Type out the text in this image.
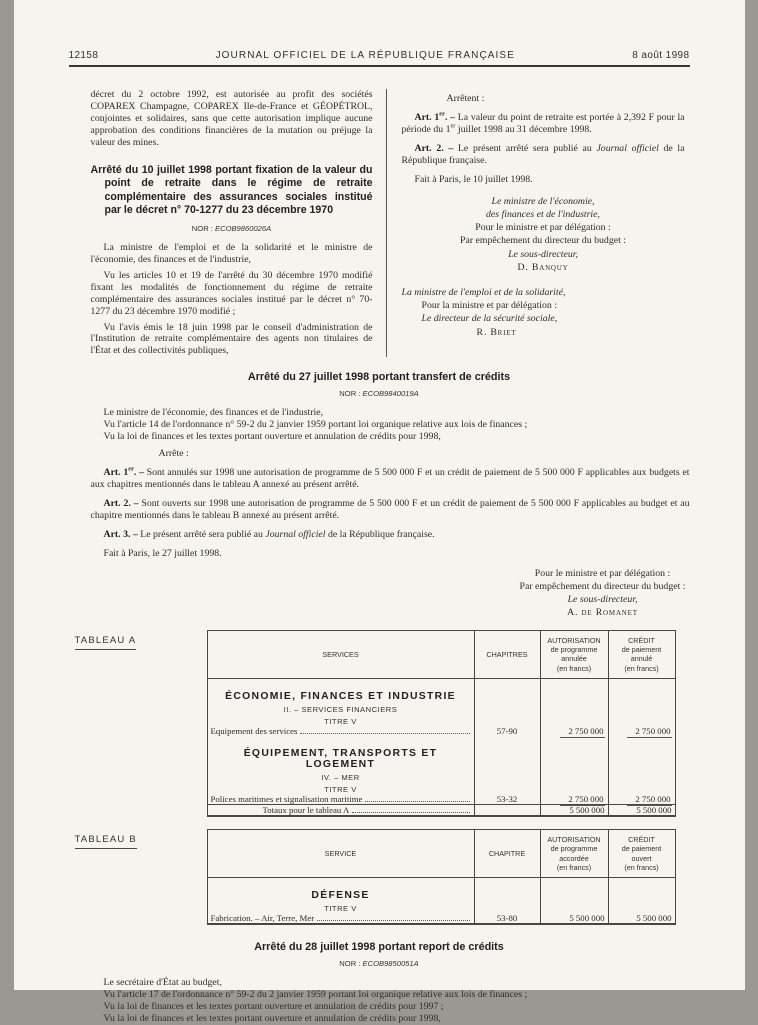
12158	JOURNAL OFFICIEL DE LA RÉPUBLIQUE FRANÇAISE	8 août 1998

décret du 2 octobre 1992, est autorisée au profit des sociétés COPAREX Champagne, COPAREX Ile-de-France et GÉOPÉTROL, conjointes et solidaires, sans que cette autorisation implique aucune approbation des conditions financières de la mutation ou préjuge la valeur des mines.

Arrêté du 10 juillet 1998 portant fixation de la valeur du point de retraite dans le régime de retraite complémentaire des assurances sociales institué par le décret n° 70-1277 du 23 décembre 1970

NOR : ECOB9860026A

La ministre de l'emploi et de la solidarité et le ministre de l'économie, des finances et de l'industrie,

Vu les articles 10 et 19 de l'arrêté du 30 décembre 1970 modifié fixant les modalités de fonctionnement du régime de retraite complémentaire des assurances sociales institué par le décret n° 70-1277 du 23 décembre 1970 modifié ;

Vu l'avis émis le 18 juin 1998 par le conseil d'administration de l'Institution de retraite complémentaire des agents non titulaires de l'État et des collectivités publiques,

Arrêtent :

Art. 1er. – La valeur du point de retraite est portée à 2,392 F pour la période du 1er juillet 1998 au 31 décembre 1998.

Art. 2. – Le présent arrêté sera publié au Journal officiel de la République française.

Fait à Paris, le 10 juillet 1998.

Le ministre de l'économie,

des finances et de l'industrie,

Pour le ministre et par délégation :

Par empêchement du directeur du budget :

Le sous-directeur,

D. Banquy

La ministre de l'emploi et de la solidarité,

Pour la ministre et par délégation :

Le directeur de la sécurité sociale,

R. Briet

Arrêté du 27 juillet 1998 portant transfert de crédits

NOR : ECOB9840019A

Le ministre de l'économie, des finances et de l'industrie,

Vu l'article 14 de l'ordonnance n° 59-2 du 2 janvier 1959 portant loi organique relative aux lois de finances ;

Vu la loi de finances et les textes portant ouverture et annulation de crédits pour 1998,

Arrête :

Art. 1er. – Sont annulés sur 1998 une autorisation de programme de 5 500 000 F et un crédit de paiement de 5 500 000 F applicables aux budgets et aux chapitres mentionnés dans le tableau A annexé au présent arrêté.

Art. 2. – Sont ouverts sur 1998 une autorisation de programme de 5 500 000 F et un crédit de paiement de 5 500 000 F applicables au budget et au chapitre mentionnés dans le tableau B annexé au présent arrêté.

Art. 3. – Le présent arrêté sera publié au Journal officiel de la République française.

Fait à Paris, le 27 juillet 1998.

Pour le ministre et par délégation :

Par empêchement du directeur du budget :

Le sous-directeur,

A. de Romanet

TABLEAU A
SERVICES	CHAPITRES	AUTORISATION
de programme
annulée
(en francs)	CRÉDIT
de paiement
annulé
(en francs)
ÉCONOMIE, FINANCES ET INDUSTRIE			
II. – SERVICES FINANCIERS			
TITRE V			

Equipement des services	57-90	2 750 000	2 750 000
ÉQUIPEMENT, TRANSPORTS ET LOGEMENT			
IV. – MER			
TITRE V			

Polices maritimes et signalisation maritime	53-32	2 750 000	2 750 000

Totaux pour le tableau A		5 500 000	5 500 000
TABLEAU B
SERVICE	CHAPITRE	AUTORISATION
de programme
accordée
(en francs)	CRÉDIT
de paiement
ouvert
(en francs)
DÉFENSE			
TITRE V			

Fabrication. – Air, Terre, Mer	53-80	5 500 000	5 500 000

Arrêté du 28 juillet 1998 portant report de crédits

NOR : ECOB9850051A

Le secrétaire d'État au budget,

Vu l'article 17 de l'ordonnance n° 59-2 du 2 janvier 1959 portant loi organique relative aux lois de finances ;

Vu la loi de finances et les textes portant ouverture et annulation de crédits pour 1997 ;

Vu la loi de finances et les textes portant ouverture et annulation de crédits pour 1998,
